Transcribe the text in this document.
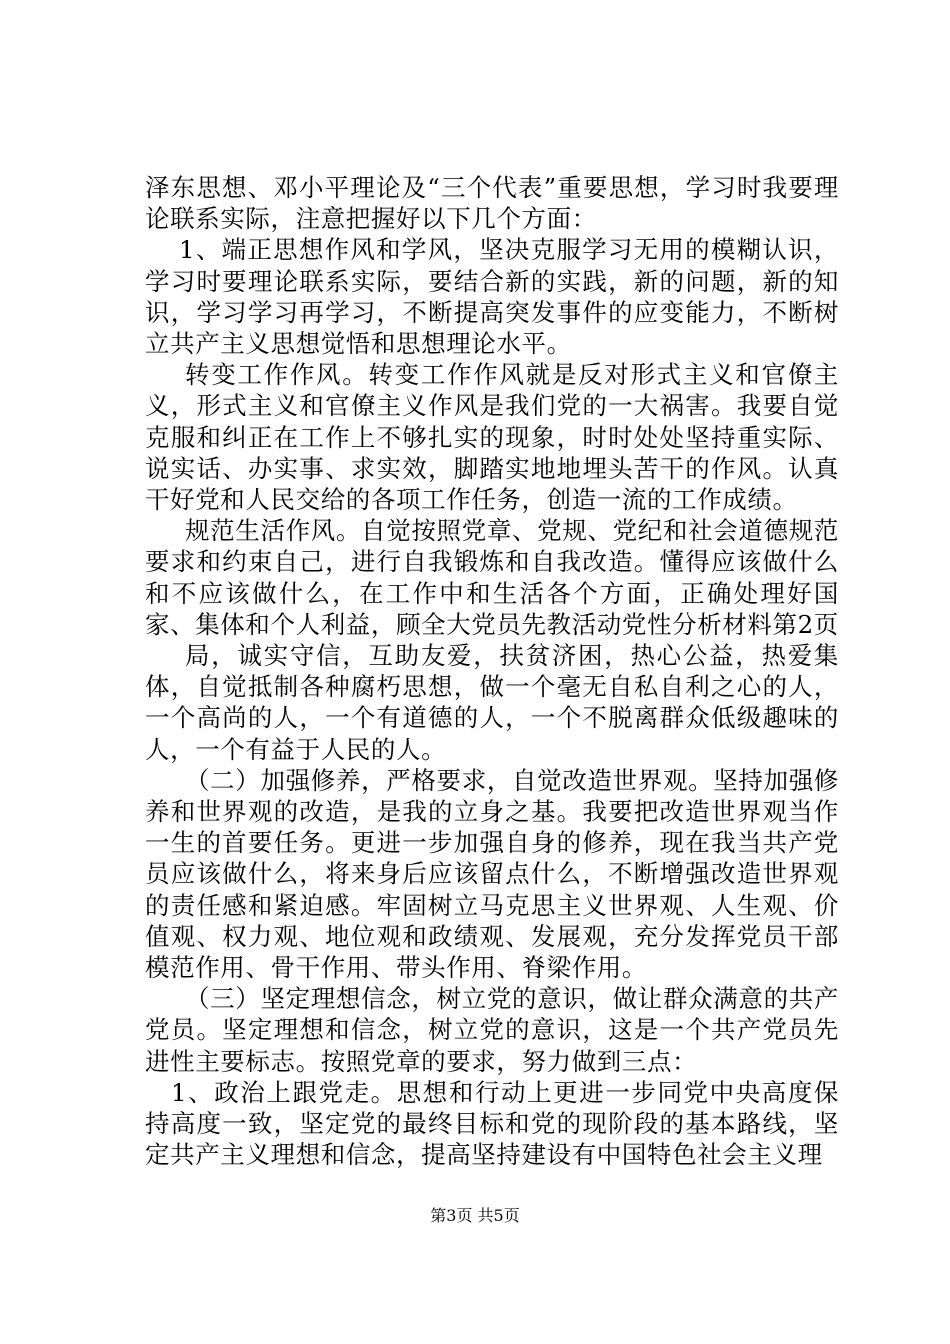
泽东思想、邓小平理论及“三个代表”重要思想，学习时我要理论联系实际，注意把握好以下几个方面：

1、端正思想作风和学风，坚决克服学习无用的模糊认识，学习时要理论联系实际，要结合新的实践，新的问题，新的知识，学习学习再学习，不断提高突发事件的应变能力，不断树立共产主义思想觉悟和思想理论水平。

转变工作作风。转变工作作风就是反对形式主义和官僚主义，形式主义和官僚主义作风是我们党的一大祸害。我要自觉克服和纠正在工作上不够扎实的现象，时时处处坚持重实际、说实话、办实事、求实效，脚踏实地地埋头苦干的作风。认真干好党和人民交给的各项工作任务，创造一流的工作成绩。

规范生活作风。自觉按照党章、党规、党纪和社会道德规范要求和约束自己，进行自我锻炼和自我改造。懂得应该做什么和不应该做什么，在工作中和生活各个方面，正确处理好国家、集体和个人利益，顾全大党员先教活动党性分析材料第2页

局，诚实守信，互助友爱，扶贫济困，热心公益，热爱集体，自觉抵制各种腐朽思想，做一个毫无自私自利之心的人，一个高尚的人，一个有道德的人，一个不脱离群众低级趣味的人，一个有益于人民的人。

（二）加强修养，严格要求，自觉改造世界观。坚持加强修养和世界观的改造，是我的立身之基。我要把改造世界观当作一生的首要任务。更进一步加强自身的修养，现在我当共产党员应该做什么，将来身后应该留点什么，不断增强改造世界观的责任感和紧迫感。牢固树立马克思主义世界观、人生观、价值观、权力观、地位观和政绩观、发展观，充分发挥党员干部模范作用、骨干作用、带头作用、脊梁作用。

（三）坚定理想信念，树立党的意识，做让群众满意的共产党员。坚定理想和信念，树立党的意识，这是一个共产党员先进性主要标志。按照党章的要求，努力做到三点：

1、政治上跟党走。思想和行动上更进一步同党中央高度保持高度一致，坚定党的最终目标和党的现阶段的基本路线，坚定共产主义理想和信念，提高坚持建设有中国特色社会主义理

第3页 共5页
